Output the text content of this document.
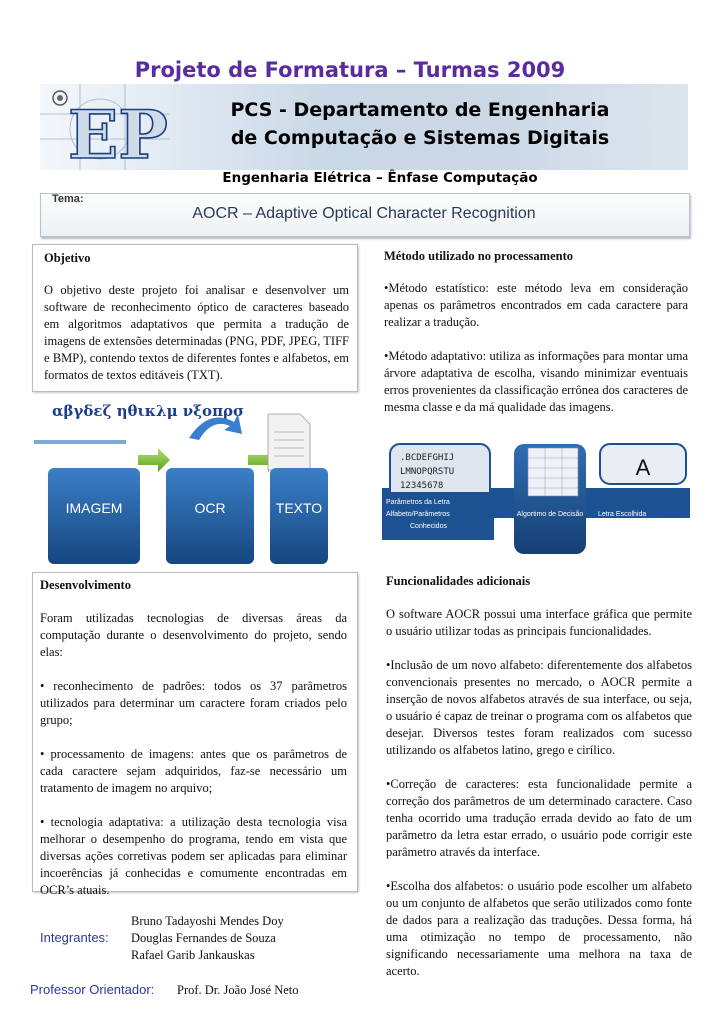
Projeto de Formatura – Turmas 2009
EP	PCS - Departamento de Engenharia
de Computação e Sistemas Digitais
Engenharia Elétrica – Ênfase Computação
Tema:
AOCR – Adaptive Optical Character Recognition
Objetivo
O objetivo deste projeto foi analisar e desenvolver um software de reconhecimento óptico de caracteres baseado em algoritmos adaptativos que permita a tradução de imagens de extensões determinadas (PNG, PDF, JPEG, TIFF e BMP), contendo textos de diferentes fontes e alfabetos, em formatos de textos editáveis (TXT).
αβγδεζ ηθικλμ νξοπρσ
IMAGEM	OCR	TEXTO
Método utilizado no processamento

•Método estatístico: este método leva em consideração apenas os parâmetros encontrados em cada caractere para realizar a tradução.

•Método adaptativo: utiliza as informações para montar uma árvore adaptativa de escolha, visando minimizar eventuais erros provenientes da classificação errônea dos caracteres de mesma classe e da má qualidade das imagens.

.BCDEFGHIJ
LMNOPQRSTU
12345678
Parâmetros da Letra
Alfabeto/Parâmetros
Conhecidos
Algortimo de Decisão
A
Letra Escolhida
Desenvolvimento

Foram utilizadas tecnologias de diversas áreas da computação durante o desenvolvimento do projeto, sendo elas:

• reconhecimento de padrões: todos os 37 parâmetros utilizados para determinar um caractere foram criados pelo grupo;

• processamento de imagens: antes que os parâmetros de cada caractere sejam adquiridos, faz-se necessário um tratamento de imagem no arquivo;

• tecnologia adaptativa: a utilização desta tecnologia visa melhorar o desempenho do programa, tendo em vista que diversas ações corretivas podem ser aplicadas para eliminar incoerências já conhecidas e comumente encontradas em OCR’s atuais.

Funcionalidades adicionais

O software AOCR possui uma interface gráfica que permite o usuário utilizar todas as principais funcionalidades.

•Inclusão de um novo alfabeto: diferentemente dos alfabetos convencionais presentes no mercado, o AOCR permite a inserção de novos alfabetos através de sua interface, ou seja, o usuário é capaz de treinar o programa com os alfabetos que desejar. Diversos testes foram realizados com sucesso utilizando os alfabetos latino, grego e cirílico.

•Correção de caracteres: esta funcionalidade permite a correção dos parâmetros de um determinado caractere. Caso tenha ocorrido uma tradução errada devido ao fato de um parâmetro da letra estar errado, o usuário pode corrigir este parâmetro através da interface.

•Escolha dos alfabetos: o usuário pode escolher um alfabeto ou um conjunto de alfabetos que serão utilizados como fonte de dados para a realização das traduções. Dessa forma, há uma otimização no tempo de processamento, não significando necessariamente uma melhora na taxa de acerto.

Integrantes:
Bruno Tadayoshi Mendes Doy
Douglas Fernandes de Souza
Rafael Garib Jankauskas
Professor Orientador: Prof. Dr. João José Neto
